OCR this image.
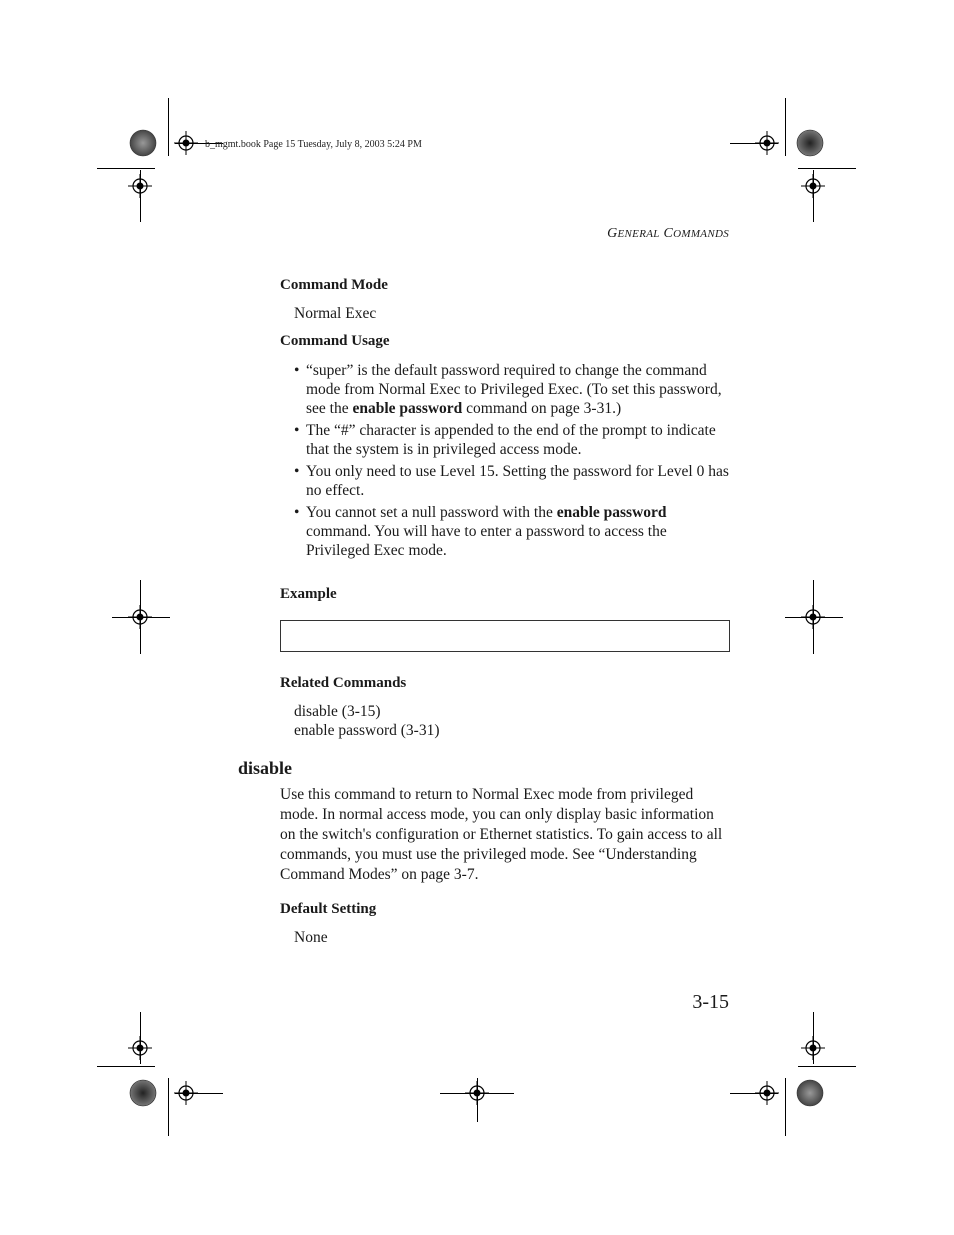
b_mgmt.book Page 15 Tuesday, July 8, 2003 5:24 PM
GENERAL COMMANDS
Command Mode
Normal Exec
Command Usage
• “super” is the default password required to change the command mode from Normal Exec to Privileged Exec. (To set this password, see the enable password command on page 3-31.)
• The “#” character is appended to the end of the prompt to indicate that the system is in privileged access mode.
• You only need to use Level 15. Setting the password for Level 0 has no effect.
• You cannot set a null password with the enable password command. You will have to enter a password to access the Privileged Exec mode.
Example
Related Commands
disable (3-15)
enable password (3-31)
disable
Use this command to return to Normal Exec mode from privileged mode. In normal access mode, you can only display basic information on the switch's configuration or Ethernet statistics. To gain access to all commands, you must use the privileged mode. See “Understanding Command Modes” on page 3-7.
Default Setting
None
3-15
